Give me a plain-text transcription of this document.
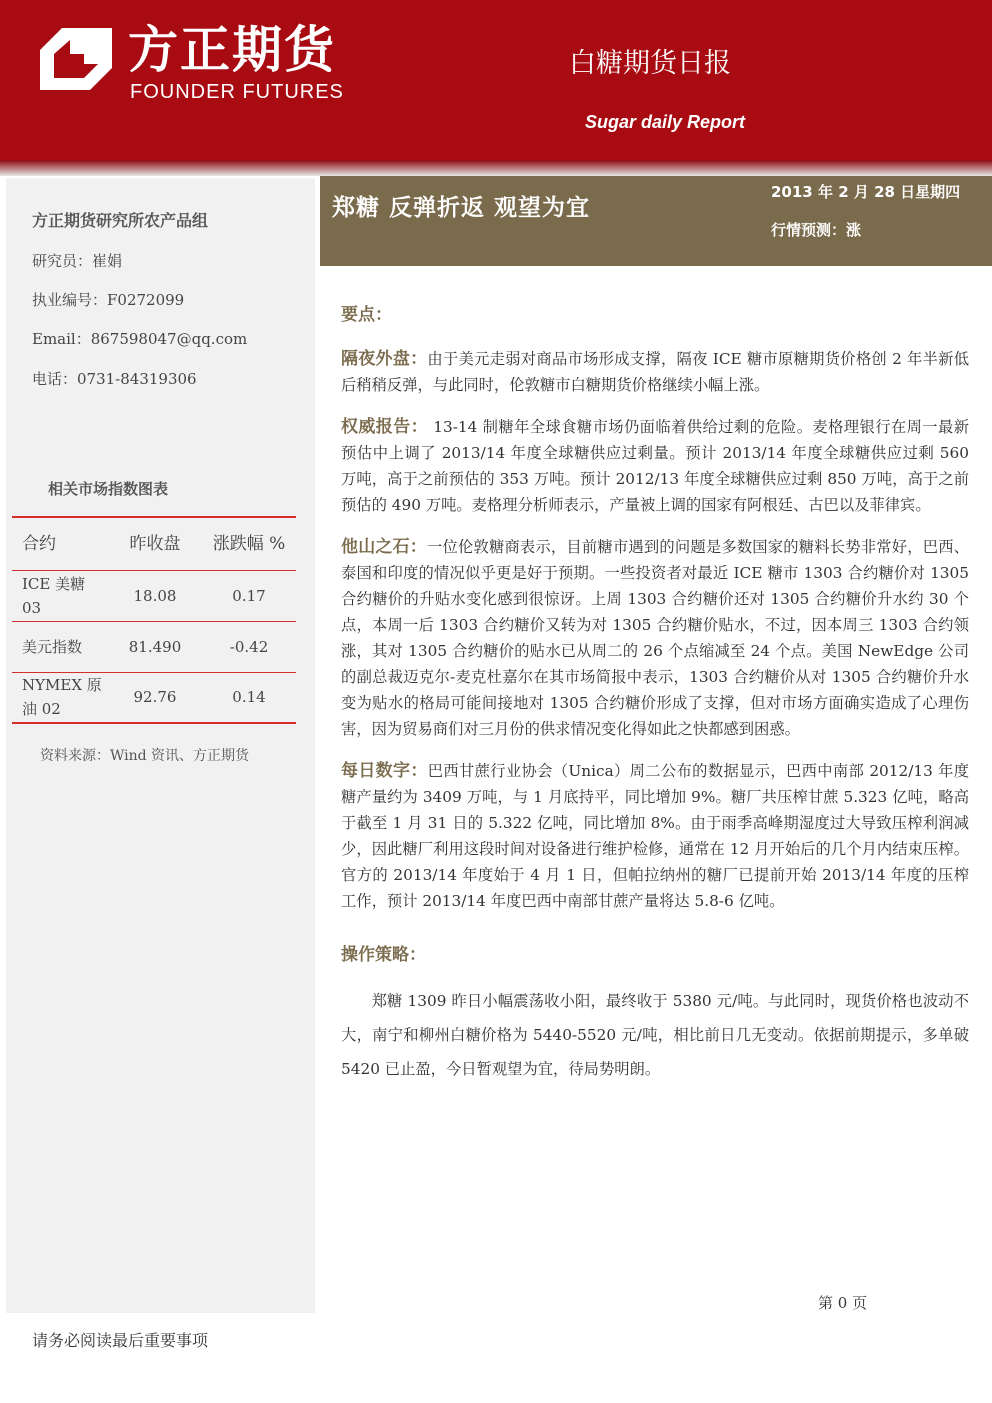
方正期货
FOUNDER FUTURES
白糖期货日报
Sugar daily Report
方正期货研究所农产品组
研究员：崔娟
执业编号：F0272099
Email：867598047@qq.com
电话：0731-84319306
相关市场指数图表
合约	昨收盘	涨跌幅 %
ICE 美糖 03	18.08	0.17
美元指数	81.490	-0.42
NYMEX 原油 02	92.76	0.14
资料来源：Wind 资讯、方正期货
郑糖 反弹折返 观望为宜
2013 年 2 月 28 日星期四
行情预测：涨
要点：

隔夜外盘：由于美元走弱对商品市场形成支撑，隔夜 ICE 糖市原糖期货价格创 2 年半新低后稍稍反弹，与此同时，伦敦糖市白糖期货价格继续小幅上涨。

权威报告： 13-14 制糖年全球食糖市场仍面临着供给过剩的危险。麦格理银行在周一最新预估中上调了 2013/14 年度全球糖供应过剩量。预计 2013/14 年度全球糖供应过剩 560 万吨，高于之前预估的 353 万吨。预计 2012/13 年度全球糖供应过剩 850 万吨，高于之前预估的 490 万吨。麦格理分析师表示，产量被上调的国家有阿根廷、古巴以及菲律宾。

他山之石：一位伦敦糖商表示，目前糖市遇到的问题是多数国家的糖料长势非常好，巴西、泰国和印度的情况似乎更是好于预期。一些投资者对最近 ICE 糖市 1303 合约糖价对 1305 合约糖价的升贴水变化感到很惊讶。上周 1303 合约糖价还对 1305 合约糖价升水约 30 个点，本周一后 1303 合约糖价又转为对 1305 合约糖价贴水，不过，因本周三 1303 合约领涨，其对 1305 合约糖价的贴水已从周二的 26 个点缩减至 24 个点。美国 NewEdge 公司的副总裁迈克尔-麦克杜嘉尔在其市场简报中表示，1303 合约糖价从对 1305 合约糖价升水变为贴水的格局可能间接地对 1305 合约糖价形成了支撑，但对市场方面确实造成了心理伤害，因为贸易商们对三月份的供求情况变化得如此之快都感到困惑。

每日数字：巴西甘蔗行业协会（Unica）周二公布的数据显示，巴西中南部 2012/13 年度糖产量约为 3409 万吨，与 1 月底持平，同比增加 9%。糖厂共压榨甘蔗 5.323 亿吨，略高于截至 1 月 31 日的 5.322 亿吨，同比增加 8%。由于雨季高峰期湿度过大导致压榨利润减少，因此糖厂利用这段时间对设备进行维护检修，通常在 12 月开始后的几个月内结束压榨。官方的 2013/14 年度始于 4 月 1 日，但帕拉纳州的糖厂已提前开始 2013/14 年度的压榨工作，预计 2013/14 年度巴西中南部甘蔗产量将达 5.8-6 亿吨。

操作策略：

郑糖 1309 昨日小幅震荡收小阳，最终收于 5380 元/吨。与此同时，现货价格也波动不大，南宁和柳州白糖价格为 5440-5520 元/吨，相比前日几无变动。依据前期提示，多单破 5420 已止盈，今日暂观望为宜，待局势明朗。

第 0 页
请务必阅读最后重要事项
